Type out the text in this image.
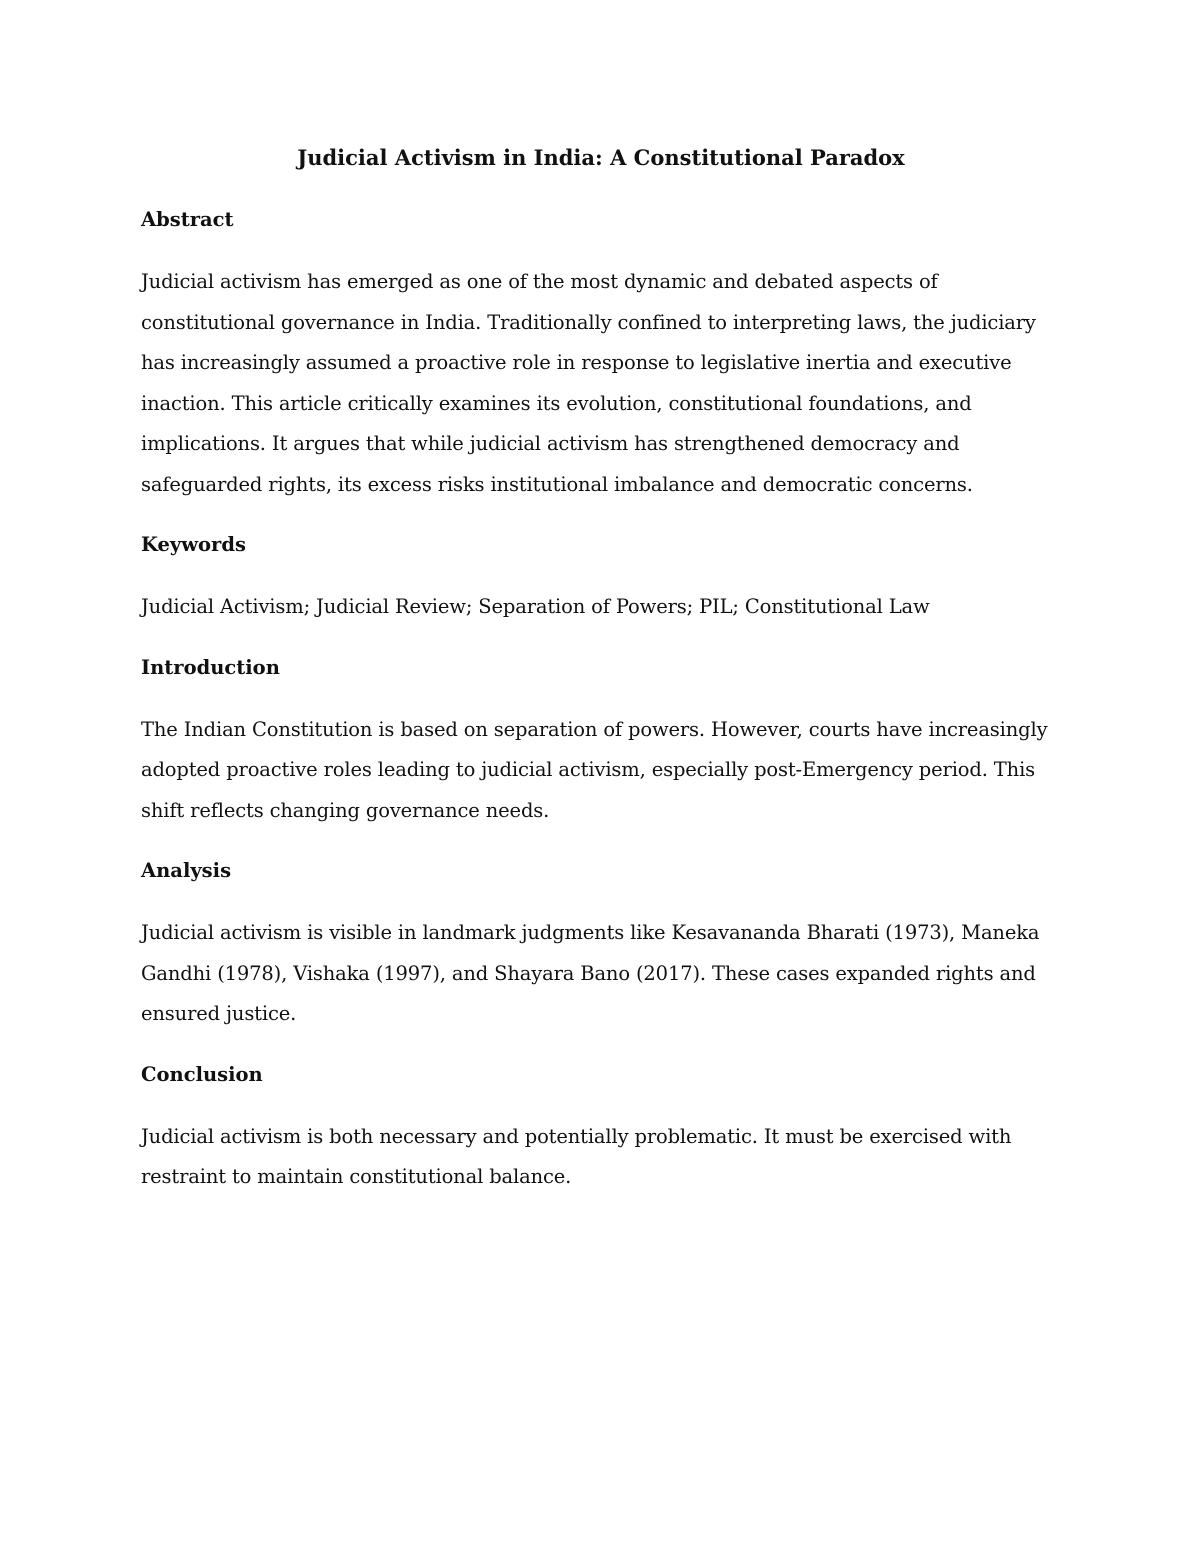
Judicial Activism in India: A Constitutional Paradox
Abstract
Judicial activism has emerged as one of the most dynamic and debated aspects of constitutional governance in India. Traditionally confined to interpreting laws, the judiciary has increasingly assumed a proactive role in response to legislative inertia and executive inaction. This article critically examines its evolution, constitutional foundations, and implications. It argues that while judicial activism has strengthened democracy and safeguarded rights, its excess risks institutional imbalance and democratic concerns.
Keywords
Judicial Activism; Judicial Review; Separation of Powers; PIL; Constitutional Law
Introduction
The Indian Constitution is based on separation of powers. However, courts have increasingly adopted proactive roles leading to judicial activism, especially post-Emergency period. This shift reflects changing governance needs.
Analysis
Judicial activism is visible in landmark judgments like Kesavananda Bharati (1973), Maneka Gandhi (1978), Vishaka (1997), and Shayara Bano (2017). These cases expanded rights and ensured justice.
Conclusion
Judicial activism is both necessary and potentially problematic. It must be exercised with restraint to maintain constitutional balance.
